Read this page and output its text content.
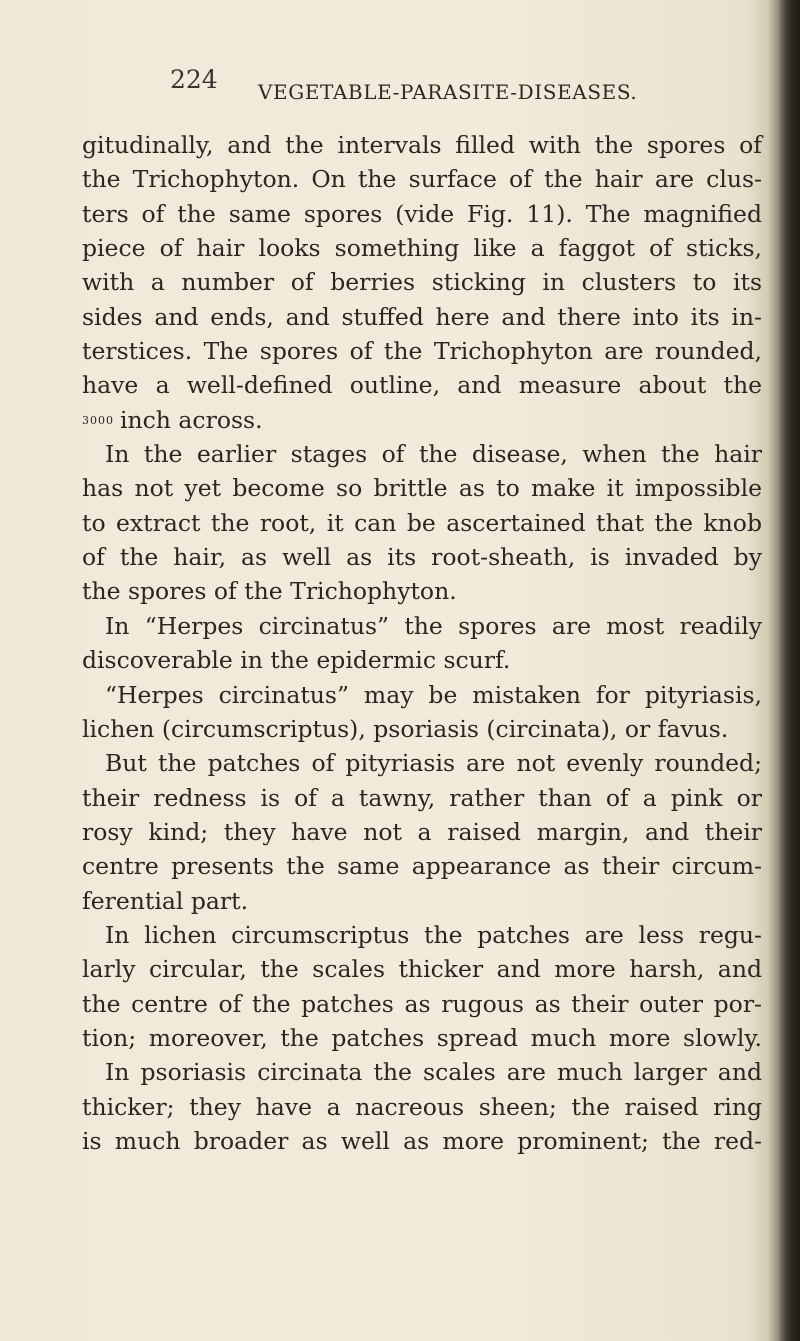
224 VEGETABLE-PARASITE-DISEASES.
gitudinally, and the intervals filled with the spores of
the Trichophyton. On the surface of the hair are clus-
ters of the same spores (vide Fig. 11). The magnified
piece of hair looks something like a faggot of sticks,
with a number of berries sticking in clusters to its
sides and ends, and stuffed here and there into its in-
terstices. The spores of the Trichophyton are rounded,
have a well-defined outline, and measure about the
3000 inch across.
In the earlier stages of the disease, when the hair
has not yet become so brittle as to make it impossible
to extract the root, it can be ascertained that the knob
of the hair, as well as its root-sheath, is invaded by
the spores of the Trichophyton.
In “Herpes circinatus” the spores are most readily
discoverable in the epidermic scurf.
“Herpes circinatus” may be mistaken for pityriasis,
lichen (circumscriptus), psoriasis (circinata), or favus.
But the patches of pityriasis are not evenly rounded;
their redness is of a tawny, rather than of a pink or
rosy kind; they have not a raised margin, and their
centre presents the same appearance as their circum-
ferential part.
In lichen circumscriptus the patches are less regu-
larly circular, the scales thicker and more harsh, and
the centre of the patches as rugous as their outer por-
tion; moreover, the patches spread much more slowly.
In psoriasis circinata the scales are much larger and
thicker; they have a nacreous sheen; the raised ring
is much broader as well as more prominent; the red-
